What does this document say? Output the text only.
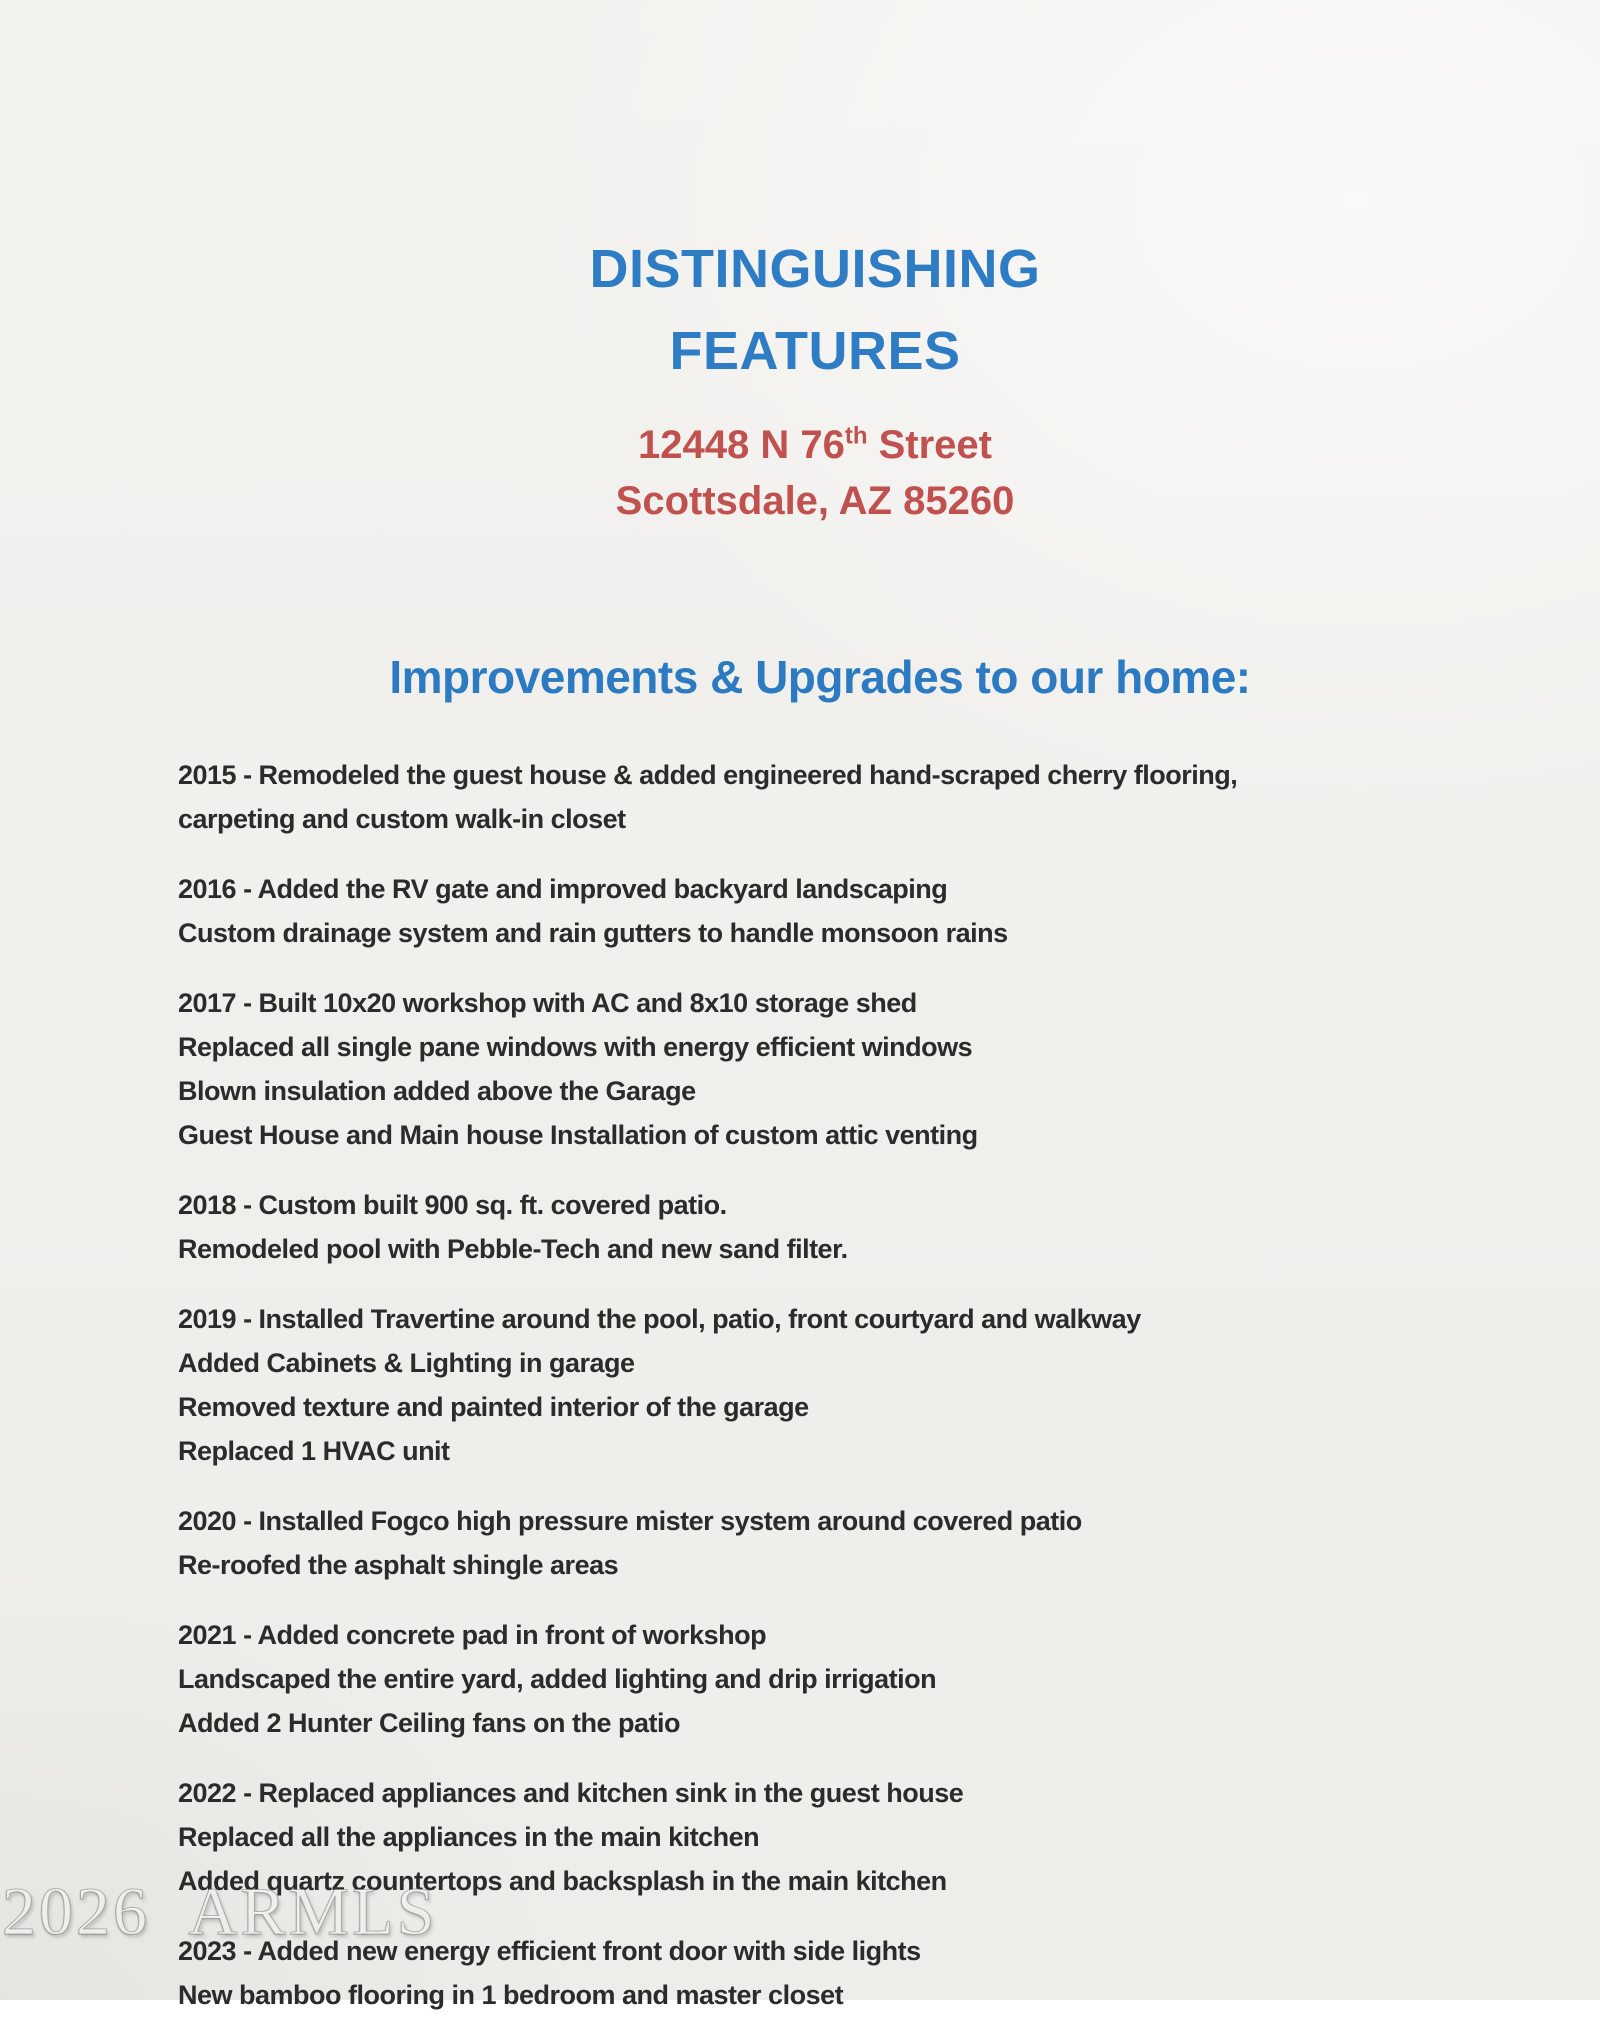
DISTINGUISHING
FEATURES
12448 N 76th Street
Scottsdale, AZ 85260
Improvements & Upgrades to our home:
2015 - Remodeled the guest house & added engineered hand-scraped cherry flooring,
carpeting and custom walk-in closet
2016 - Added the RV gate and improved backyard landscaping
Custom drainage system and rain gutters to handle monsoon rains
2017 - Built 10x20 workshop with AC and 8x10 storage shed
Replaced all single pane windows with energy efficient windows
Blown insulation added above the Garage
Guest House and Main house Installation of custom attic venting
2018 - Custom built 900 sq. ft. covered patio.
Remodeled pool with Pebble-Tech and new sand filter.
2019 - Installed Travertine around the pool, patio, front courtyard and walkway
Added Cabinets & Lighting in garage
Removed texture and painted interior of the garage
Replaced 1 HVAC unit
2020 - Installed Fogco high pressure mister system around covered patio
Re-roofed the asphalt shingle areas
2021 - Added concrete pad in front of workshop
Landscaped the entire yard, added lighting and drip irrigation
Added 2 Hunter Ceiling fans on the patio
2022 - Replaced appliances and kitchen sink in the guest house
Replaced all the appliances in the main kitchen
Added quartz countertops and backsplash in the main kitchen
2023 - Added new energy efficient front door with side lights
New bamboo flooring in 1 bedroom and master closet
2026 ARMLS
